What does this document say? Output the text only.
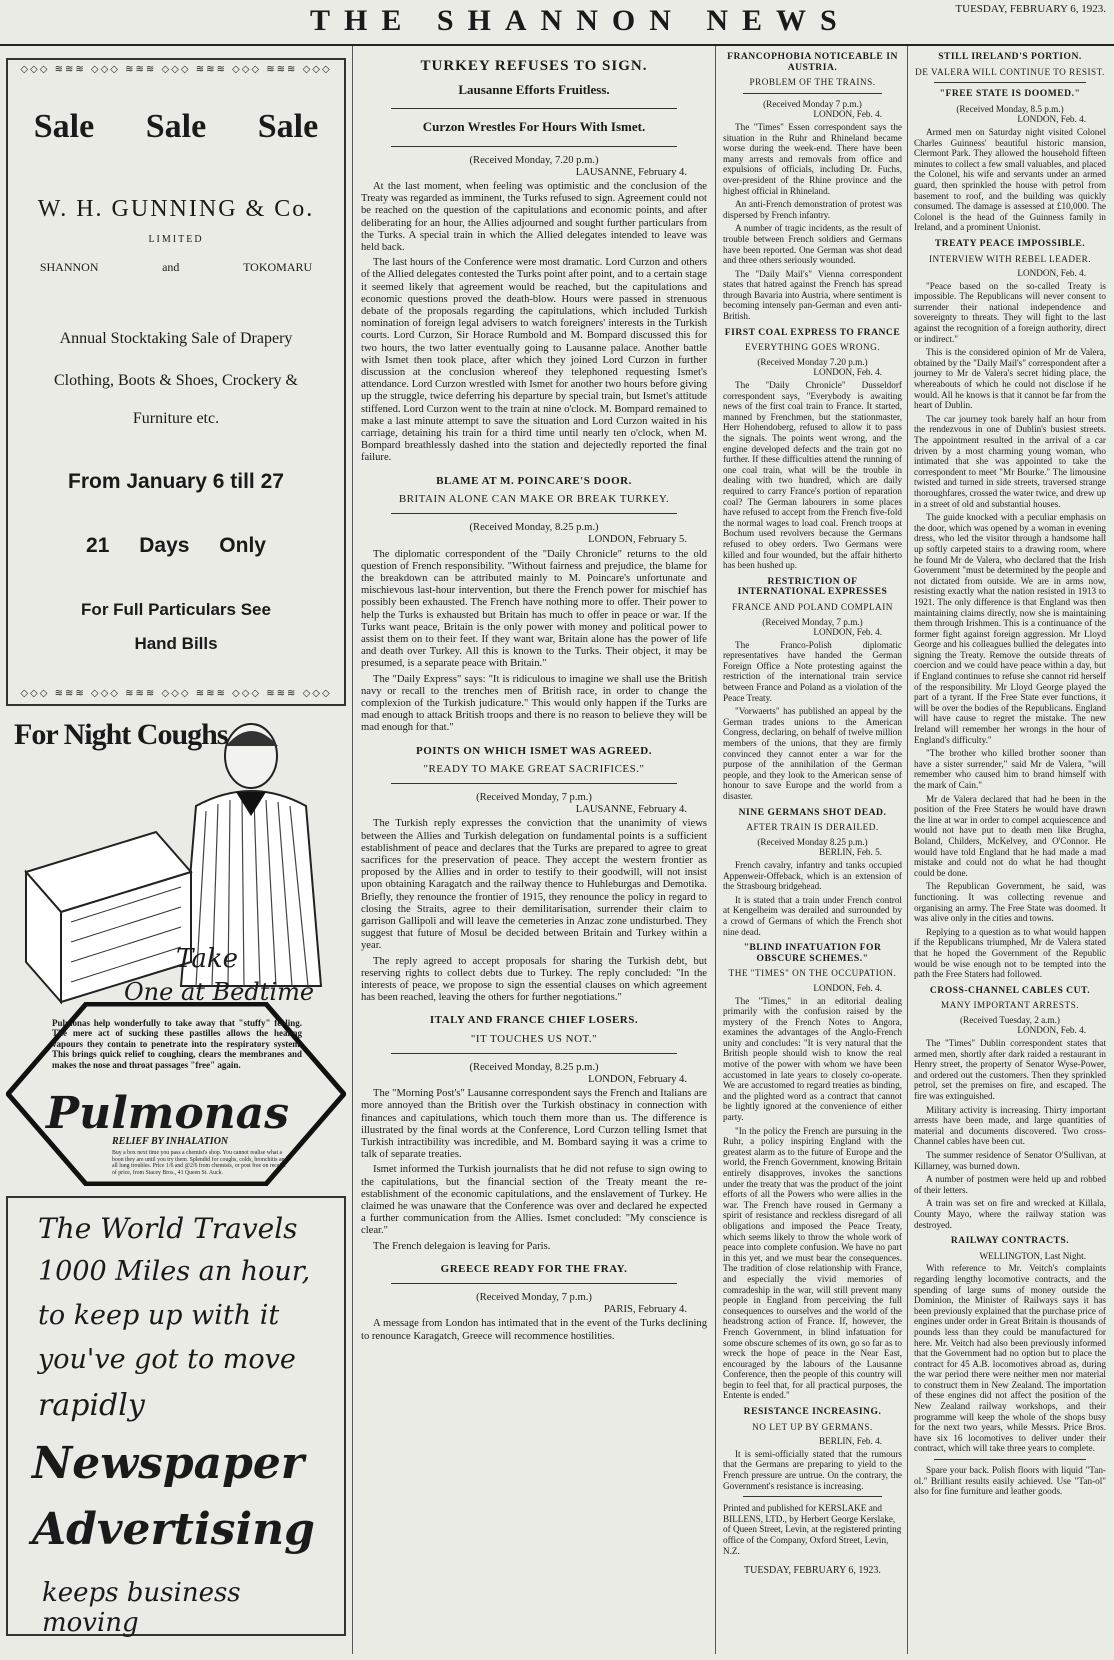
THE SHANNON NEWS	TUESDAY, FEBRUARY 6, 1923.
◇◇◇ ≋≋≋ ◇◇◇ ≋≋≋ ◇◇◇ ≋≋≋ ◇◇◇ ≋≋≋ ◇◇◇
Sale Sale Sale
W. H. GUNNING & Co.
LIMITED
SHANNON	and	TOKOMARU
Annual Stocktaking Sale of Drapery
Clothing, Boots & Shoes, Crockery &
Furniture etc.
From January 6 till 27
21 Days Only
For Full Particulars See
Hand Bills
◇◇◇ ≋≋≋ ◇◇◇ ≋≋≋ ◇◇◇ ≋≋≋ ◇◇◇ ≋≋≋ ◇◇◇
For Night Coughs
Take
One at Bedtime
Pulmonas help wonderfully to take away that "stuffy" feeling. The mere act of sucking these pastilles allows the healing vapours they contain to penetrate into the respiratory system. This brings quick relief to coughing, clears the membranes and makes the nose and throat passages "free" again.
Pulmonas
RELIEF BY INHALATION
Buy a box next time you pass a chemist's shop. You cannot realise what a boon they are until you try them. Splendid for coughs, colds, bronchitis and all lung troubles. Price 1/6 and @2/6 from chemists, or post free on receipt of price, from Stacey Bros., 41 Queen St. Auck.
The World Travels
1000 Miles an hour,
to keep up with it
you've got to move
rapidly
Newspaper
Advertising
keeps business moving
TURKEY REFUSES TO SIGN.
Lausanne Efforts Fruitless.
Curzon Wrestles For Hours With Ismet.
(Received Monday, 7.20 p.m.)
LAUSANNE, February 4.

At the last moment, when feeling was optimistic and the conclusion of the Treaty was regarded as imminent, the Turks refused to sign. Agreement could not be reached on the question of the capitulations and economic points, and after deliberating for an hour, the Allies adjourned and sought further particulars from the Turks. A special train in which the Allied delegates intended to leave was held back.

The last hours of the Conference were most dramatic. Lord Curzon and others of the Allied delegates contested the Turks point after point, and to a certain stage it seemed likely that agreement would be reached, but the capitulations and economic questions proved the death-blow. Hours were passed in strenuous debate of the proposals regarding the capitulations, which included Turkish nomination of foreign legal advisers to watch foreigners' interests in the Turkish courts. Lord Curzon, Sir Horace Rumbold and M. Bompard discussed this for two hours, the two latter eventually going to Lausanne palace. Another battle with Ismet then took place, after which they joined Lord Curzon in further discussion at the conclusion whereof they telephoned requesting Ismet's attendance. Lord Curzon wrestled with Ismet for another two hours before giving up the struggle, twice deferring his departure by special train, but Ismet's attitude stiffened. Lord Curzon went to the train at nine o'clock. M. Bompard remained to make a last minute attempt to save the situation and Lord Curzon waited in his carriage, detaining his train for a third time until nearly ten o'clock, when M. Bompard breathlessly dashed into the station and dejectedly reported the final failure.

BLAME AT M. POINCARE'S DOOR.
BRITAIN ALONE CAN MAKE OR BREAK TURKEY.
(Received Monday, 8.25 p.m.)
LONDON, February 5.

The diplomatic correspondent of the "Daily Chronicle" returns to the old question of French responsibility. "Without fairness and prejudice, the blame for the breakdown can be attributed mainly to M. Poincare's unfortunate and mischievous last-hour intervention, but there the French power for mischief has possibly been exhausted. The French have nothing more to offer. Their power to help the Turks is exhausted but Britain has much to offer in peace or war. If the Turks want peace, Britain is the only power with money and political power to assist them on to their feet. If they want war, Britain alone has the power of life and death over Turkey. All this is known to the Turks. Their object, it may be presumed, is a separate peace with Britain."

The "Daily Express" says: "It is ridiculous to imagine we shall use the British navy or recall to the trenches men of British race, in order to change the complexion of the Turkish judicature." This would only happen if the Turks are mad enough to attack British troops and there is no reason to believe they will be mad enough for that."

POINTS ON WHICH ISMET WAS AGREED.
"READY TO MAKE GREAT SACRIFICES."
(Received Monday, 7 p.m.)
LAUSANNE, February 4.

The Turkish reply expresses the conviction that the unanimity of views between the Allies and Turkish delegation on fundamental points is a sufficient establishment of peace and declares that the Turks are prepared to agree to great sacrifices for the preservation of peace. They accept the western frontier as proposed by the Allies and in order to testify to their goodwill, will not insist upon obtaining Karagatch and the railway thence to Huhleburgas and Demotika. Briefly, they renounce the frontier of 1915, they renounce the policy in regard to closing the Straits, agree to their demilitarisation, surrender their claim to garrison Gallipoli and will leave the cemeteries in Anzac zone undisturbed. They suggest that future of Mosul be decided between Britain and Turkey within a year.

The reply agreed to accept proposals for sharing the Turkish debt, but reserving rights to collect debts due to Turkey. The reply concluded: "In the interests of peace, we propose to sign the essential clauses on which agreement has been reached, leaving the others for further negotiations."

ITALY AND FRANCE CHIEF LOSERS.
"IT TOUCHES US NOT."
(Received Monday, 8.25 p.m.)
LONDON, February 4.

The "Morning Post's" Lausanne correspondent says the French and Italians are more annoyed than the British over the Turkish obstinacy in connection with finances and capitulations, which touch them more than us. The difference is illustrated by the final words at the Conference, Lord Curzon telling Ismet that Turkish intractibility was incredible, and M. Bombard saying it was a crime to talk of separate treaties.

Ismet informed the Turkish journalists that he did not refuse to sign owing to the capitulations, but the financial section of the Treaty meant the re-establishment of the economic capitulations, and the enslavement of Turkey. He claimed he was unaware that the Conference was over and declared he expected a further communication from the Allies. Ismet concluded: "My conscience is clear."

The French delegaion is leaving for Paris.

GREECE READY FOR THE FRAY.
(Received Monday, 7 p.m.)
PARIS, February 4.

A message from London has intimated that in the event of the Turks declining to renounce Karagatch, Greece will recommence hostilities.

FRANCOPHOBIA NOTICEABLE IN AUSTRIA.
PROBLEM OF THE TRAINS.
(Received Monday 7 p.m.)
LONDON, Feb. 4.

The "Times" Essen correspondent says the situation in the Ruhr and Rhineland became worse during the week-end. There have been many arrests and removals from office and expulsions of officials, including Dr. Fuchs, over-president of the Rhine province and the highest official in Rhineland.

An anti-French demonstration of protest was dispersed by French infantry.

A number of tragic incidents, as the result of trouble between French soldiers and Germans have been reported. One German was shot dead and three others seriously wounded.

The "Daily Mail's" Vienna correspondent states that hatred against the French has spread through Bavaria into Austria, where sentiment is becoming intensely pan-German and even anti-British.

FIRST COAL EXPRESS TO FRANCE
EVERYTHING GOES WRONG.
(Received Monday 7.20 p.m.)
LONDON, Feb. 4.

The "Daily Chronicle" Dusseldorf correspondent says, "Everybody is awaiting news of the first coal train to France. It started, manned by Frenchmen, but the stationmaster, Herr Hohendoberg, refused to allow it to pass the signals. The points went wrong, and the engine developed defects and the train got no further. If these difficulties attend the running of one coal train, what will be the trouble in dealing with two hundred, which are daily required to carry France's portion of reparation coal? The German labourers in some places have refused to accept from the French five-fold the normal wages to load coal. French troops at Bochum used revolvers because the Germans refused to obey orders. Two Germans were killed and four wounded, but the affair hitherto has been hushed up.

RESTRICTION OF INTERNATIONAL EXPRESSES
FRANCE AND POLAND COMPLAIN
(Received Monday, 7 p.m.)
LONDON, Feb. 4.

The Franco-Polish diplomatic representatives have handed the German Foreign Office a Note protesting against the restriction of the international train service between France and Poland as a violation of the Peace Treaty.

"Vorwaerts" has published an appeal by the German trades unions to the American Congress, declaring, on behalf of twelve million members of the unions, that they are firmly convinced they cannot enter a war for the purpose of the annihilation of the German people, and they look to the American sense of honour to save Europe and the world from a disaster.

NINE GERMANS SHOT DEAD.
AFTER TRAIN IS DERAILED.
(Received Monday 8.25 p.m.)
BERLIN, Feb. 5.

French cavalry, infantry and tanks occupied Appenweir-Offeback, which is an extension of the Strasbourg bridgehead.

It is stated that a train under French control at Kengelheim was derailed and surrounded by a crowd of Germans of which the French shot nine dead.

"BLIND INFATUATION FOR OBSCURE SCHEMES."
THE "TIMES" ON THE OCCUPATION.
LONDON, Feb. 4.

The "Times," in an editorial dealing primarily with the confusion raised by the mystery of the French Notes to Angora, examines the advantages of the Anglo-French unity and concludes: "It is very natural that the British people should wish to know the real motive of the power with whom we have been accustomed in late years to closely co-operate. We are accustomed to regard treaties as binding, and the plighted word as a contract that cannot be lightly ignored at the convenience of either party.

"In the policy the French are pursuing in the Ruhr, a policy inspiring England with the greatest alarm as to the future of Europe and the world, the French Government, knowing Britain entirely disapproves, invokes the sanctions under the treaty that was the product of the joint efforts of all the Powers who were allies in the war. The French have roused in Germany a spirit of resistance and reckless disregard of all obligations and imposed the Peace Treaty, which seems likely to throw the whole work of peace into complete confusion. We have no part in this yet, and we must bear the consequences. The tradition of close relationship with France, and especially the vivid memories of comradeship in the war, will still prevent many people in England from perceiving the full consequences to ourselves and the world of the headstrong action of France. If, however, the French Government, in blind infatuation for some obscure schemes of its own, go so far as to wreck the hope of peace in the Near East, encouraged by the labours of the Lausanne Conference, then the people of this country will begin to feel that, for all practical purposes, the Entente is ended."

RESISTANCE INCREASING.
NO LET UP BY GERMANS.
BERLIN, Feb. 4.

It is semi-officially stated that the rumours that the Germans are preparing to yield to the French pressure are untrue. On the contrary, the Government's resistance is increasing.

Printed and published for KERSLAKE and BILLENS, LTD., by Herbert George Kerslake, of Queen Street, Levin, at the registered printing office of the Company, Oxford Street, Levin, N.Z.
TUESDAY, FEBRUARY 6, 1923.
STILL IRELAND'S PORTION.
DE VALERA WILL CONTINUE TO RESIST.
"FREE STATE IS DOOMED."
(Received Monday, 8.5 p.m.)
LONDON, Feb. 4.

Armed men on Saturday night visited Colonel Charles Guinness' beautiful historic mansion, Clermont Park. They allowed the household fifteen minutes to collect a few small valuables, and placed the Colonel, his wife and servants under an armed guard, then sprinkled the house with petrol from basement to roof, and the building was quickly consumed. The damage is assessed at £10,000. The Colonel is the head of the Guinness family in Ireland, and a prominent Unionist.

TREATY PEACE IMPOSSIBLE.
INTERVIEW WITH REBEL LEADER.
LONDON, Feb. 4.

"Peace based on the so-called Treaty is impossible. The Republicans will never consent to surrender their national independence and sovereignty to threats. They will fight to the last against the recognition of a foreign authority, direct or indirect."

This is the considered opinion of Mr de Valera, obtained by the "Daily Mail's" correspondent after a journey to Mr de Valera's secret hiding place, the whereabouts of which he could not disclose if he would. All he knows is that it cannot be far from the heart of Dublin.

The car journey took barely half an hour from the rendezvous in one of Dublin's busiest streets. The appointment resulted in the arrival of a car driven by a most charming young woman, who intimated that she was appointed to take the correspondent to meet "Mr Bourke." The limousine twisted and turned in side streets, traversed strange thoroughfares, crossed the water twice, and drew up in a street of old and substantial houses.

The guide knocked with a peculiar emphasis on the door, which was opened by a woman in evening dress, who led the visitor through a handsome hall up softly carpeted stairs to a drawing room, where he found Mr de Valera, who declared that the Irish Government "must be determined by the people and not dictated from outside. We are in arms now, resisting exactly what the nation resisted in 1913 to 1921. The only difference is that England was then maintaining claims directly, now she is maintaining them through Irishmen. This is a continuance of the former fight against foreign aggression. Mr Lloyd George and his colleagues bullied the delegates into signing the Treaty. Remove the outside threats of coercion and we could have peace within a day, but if England continues to refuse she cannot rid herself of the responsibility. Mr Lloyd George played the part of a tyrant. If the Free State ever functions, it will be over the bodies of the Republicans. England will have cause to regret the mistake. The new Ireland will remember her wrongs in the hour of England's difficulty."

"The brother who killed brother sooner than have a sister surrender," said Mr de Valera, "will remember who caused him to brand himself with the mark of Cain."

Mr de Valera declared that had he been in the position of the Free Staters he would have drawn the line at war in order to compel acquiescence and would not have put to death men like Brugha, Boland, Childers, McKelvey, and O'Connor. He would have told England that he had made a mad mistake and could not do what he had thought could be done.

The Republican Government, he said, was functioning. It was collecting revenue and organising an army. The Free State was doomed. It was alive only in the cities and towns.

Replying to a question as to what would happen if the Republicans triumphed, Mr de Valera stated that he hoped the Government of the Republic would be wise enough not to be tempted into the path the Free Staters had followed.

CROSS-CHANNEL CABLES CUT.
MANY IMPORTANT ARRESTS.
(Received Tuesday, 2 a.m.)
LONDON, Feb. 4.

The "Times" Dublin correspondent states that armed men, shortly after dark raided a restaurant in Henry street, the property of Senator Wyse-Power, and ordered out the customers. Then they sprinkled petrol, set the premises on fire, and escaped. The fire was extinguished.

Military activity is increasing. Thirty important arrests have been made, and large quantities of material and documents discovered. Two cross-Channel cables have been cut.

The summer residence of Senator O'Sullivan, at Killarney, was burned down.

A number of postmen were held up and robbed of their letters.

A train was set on fire and wrecked at Killala, County Mayo, where the railway station was destroyed.

RAILWAY CONTRACTS.
WELLINGTON, Last Night.

With reference to Mr. Veitch's complaints regarding lengthy locomotive contracts, and the spending of large sums of money outside the Dominion, the Minister of Railways says it has been previously explained that the purchase price of engines under order in Great Britain is thousands of pounds less than they could be manufactured for here. Mr. Veitch had also been previously informed that the Government had no option but to place the contract for 45 A.B. locomotives abroad as, during the war period there were neither men nor material to construct them in New Zealand. The importation of these engines did not affect the position of the New Zealand railway workshops, and their programme will keep the whole of the shops busy for the next two years, while Messrs. Price Bros. have six 16 locomotives to deliver under their contract, which will take three years to complete.

Spare your back. Polish floors with liquid "Tan-ol." Brilliant results easily achieved. Use "Tan-ol" also for fine furniture and leather goods.
